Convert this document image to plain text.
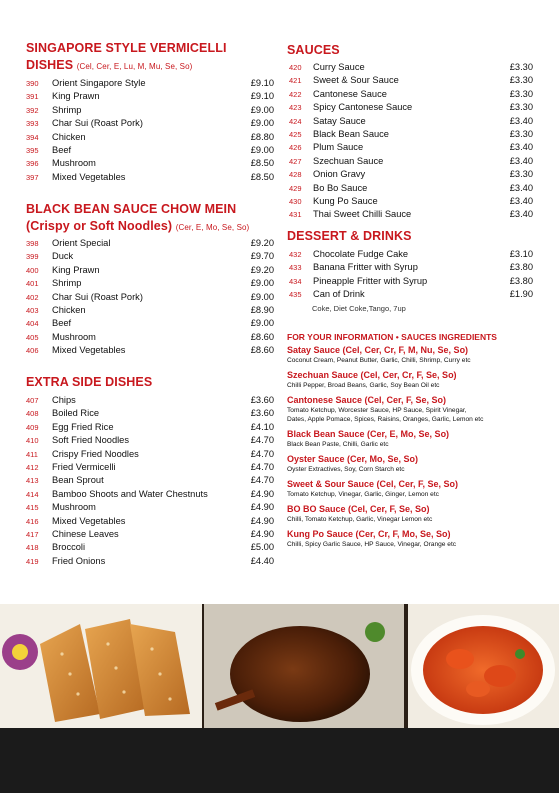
SINGAPORE STYLE VERMICELLI
DISHES (Cel, Cer, E, Lu, M, Mu, Se, So)
390	Orient Singapore Style	£9.10
391	King Prawn	£9.10
392	Shrimp	£9.00
393	Char Sui (Roast Pork)	£9.00
394	Chicken	£8.80
395	Beef	£9.00
396	Mushroom	£8.50
397	Mixed Vegetables	£8.50
BLACK BEAN SAUCE CHOW MEIN
(Crispy or Soft Noodles) (Cer, E, Mo, Se, So)
398	Orient Special	£9.20
399	Duck	£9.70
400	King Prawn	£9.20
401	Shrimp	£9.00
402	Char Sui (Roast Pork)	£9.00
403	Chicken	£8.90
404	Beef	£9.00
405	Mushroom	£8.60
406	Mixed Vegetables	£8.60
EXTRA SIDE DISHES
407	Chips	£3.60
408	Boiled Rice	£3.60
409	Egg Fried Rice	£4.10
410	Soft Fried Noodles	£4.70
411	Crispy Fried Noodles	£4.70
412	Fried Vermicelli	£4.70
413	Bean Sprout	£4.70
414	Bamboo Shoots and Water Chestnuts	£4.90
415	Mushroom	£4.90
416	Mixed Vegetables	£4.90
417	Chinese Leaves	£4.90
418	Broccoli	£5.00
419	Fried Onions	£4.40
SAUCES
420	Curry Sauce	£3.30
421	Sweet & Sour Sauce	£3.30
422	Cantonese Sauce	£3.30
423	Spicy Cantonese Sauce	£3.30
424	Satay Sauce	£3.40
425	Black Bean Sauce	£3.30
426	Plum Sauce	£3.40
427	Szechuan Sauce	£3.40
428	Onion Gravy	£3.30
429	Bo Bo Sauce	£3.40
430	Kung Po Sauce	£3.40
431	Thai Sweet Chilli Sauce	£3.40
DESSERT & DRINKS
432	Chocolate Fudge Cake	£3.10
433	Banana Fritter with Syrup	£3.80
434	Pineapple Fritter with Syrup	£3.80
435	Can of Drink	£1.90
Coke, Diet Coke,Tango, 7up
FOR YOUR INFORMATION • SAUCES INGREDIENTS
Satay Sauce (Cel, Cer, Cr, F, M, Nu, Se, So)
Coconut Cream, Peanut Butter, Garlic, Chilli, Shrimp, Curry etc
Szechuan Sauce (Cel, Cer, Cr, F, Se, So)
Chilli Pepper, Broad Beans, Garlic, Soy Bean Oil etc
Cantonese Sauce (Cel, Cer, F, Se, So)
Tomato Ketchup, Worcester Sauce, HP Sauce, Spirit Vinegar,
Dates, Apple Pomace, Spices, Raisins, Oranges, Garlic, Lemon etc
Black Bean Sauce (Cer, E, Mo, Se, So)
Black Bean Paste, Chilli, Garlic etc
Oyster Sauce (Cer, Mo, Se, So)
Oyster Extractives, Soy, Corn Starch etc
Sweet & Sour Sauce (Cel, Cer, F, Se, So)
Tomato Ketchup, Vinegar, Garlic, Ginger, Lemon etc
BO BO Sauce (Cel, Cer, F, Se, So)
Chilli, Tomato Ketchup, Garlic, Vinegar Lemon etc
Kung Po Sauce (Cer, Cr, F, Mo, Se, So)
Chilli, Spicy Garlic Sauce, HP Sauce, Vinegar, Orange etc
